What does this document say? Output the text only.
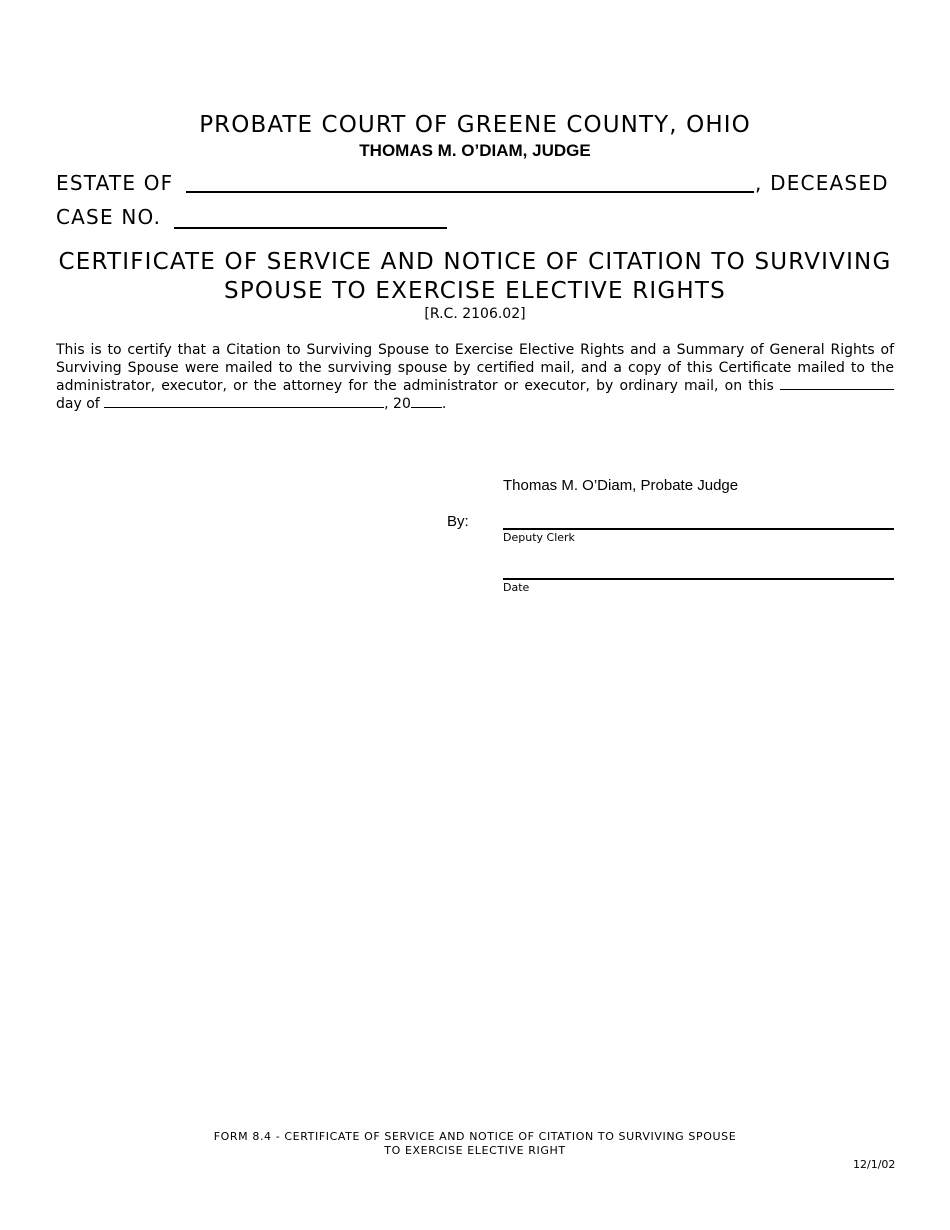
PROBATE COURT OF GREENE COUNTY, OHIO
THOMAS M. O’DIAM, JUDGE
ESTATE OF	, DECEASED
CASE NO.
CERTIFICATE OF SERVICE AND NOTICE OF CITATION TO SURVIVING
SPOUSE TO EXERCISE ELECTIVE RIGHTS
[R.C. 2106.02]
This is to certify that a Citation to Surviving Spouse to Exercise Elective Rights and a Summary of General Rights of Surviving Spouse were mailed to the surviving spouse by certified mail, and a copy of this Certificate mailed to the administrator, executor, or the attorney for the administrator or executor, by ordinary mail, on this  day of	, 20 .
Thomas M. O’Diam, Probate Judge
By:
Deputy Clerk
Date
FORM 8.4 - CERTIFICATE OF SERVICE AND NOTICE OF CITATION TO SURVIVING SPOUSE
TO EXERCISE ELECTIVE RIGHT
12/1/02
